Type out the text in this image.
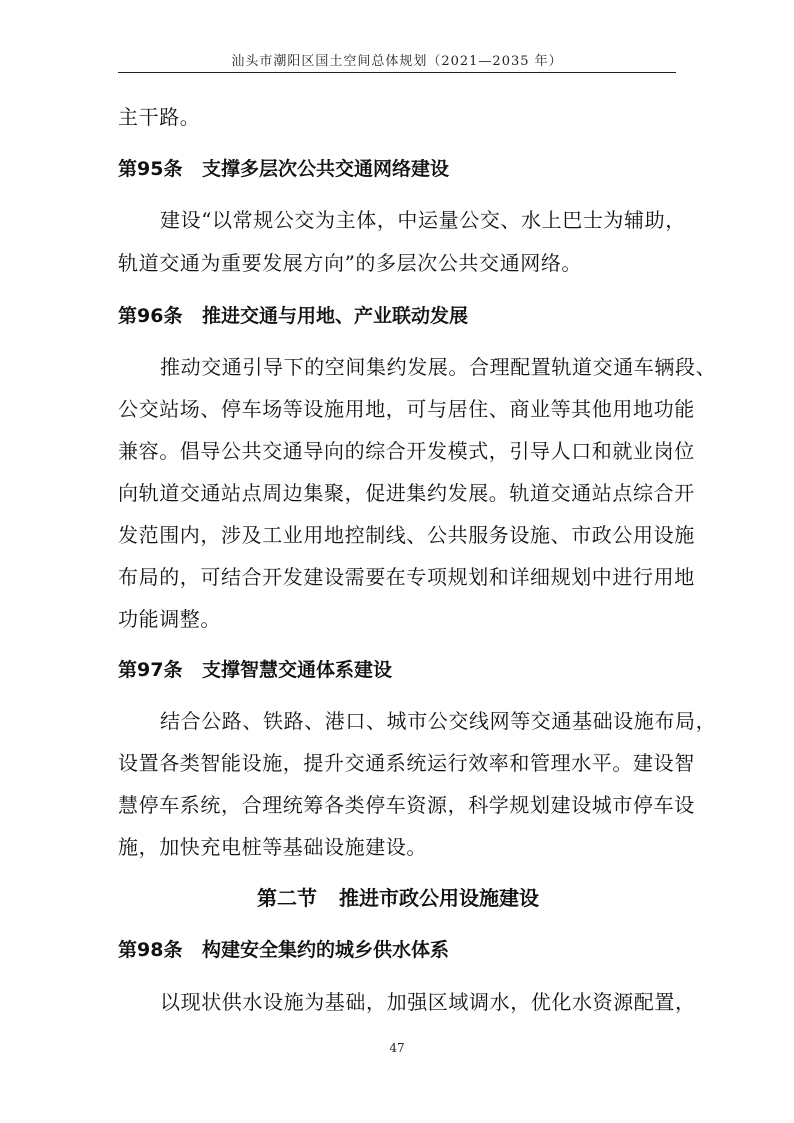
汕头市潮阳区国土空间总体规划（2021—2035 年）
主干路。
第95条 支撑多层次公共交通网络建设
建设“以常规公交为主体，中运量公交、水上巴士为辅助，
轨道交通为重要发展方向”的多层次公共交通网络。
第96条 推进交通与用地、产业联动发展
推动交通引导下的空间集约发展。合理配置轨道交通车辆段、
公交站场、停车场等设施用地，可与居住、商业等其他用地功能
兼容。倡导公共交通导向的综合开发模式，引导人口和就业岗位
向轨道交通站点周边集聚，促进集约发展。轨道交通站点综合开
发范围内，涉及工业用地控制线、公共服务设施、市政公用设施
布局的，可结合开发建设需要在专项规划和详细规划中进行用地
功能调整。
第97条 支撑智慧交通体系建设
结合公路、铁路、港口、城市公交线网等交通基础设施布局，
设置各类智能设施，提升交通系统运行效率和管理水平。建设智
慧停车系统，合理统筹各类停车资源，科学规划建设城市停车设
施，加快充电桩等基础设施建设。
第二节 推进市政公用设施建设
第98条 构建安全集约的城乡供水体系
以现状供水设施为基础，加强区域调水，优化水资源配置，
47
